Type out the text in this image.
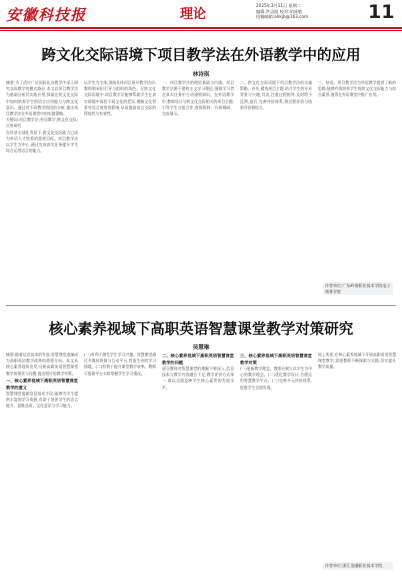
安徽科技报	理论
2025年3月11日 星期二
编辑:洪志挺 校对:胡成敏
投稿邮箱:ahkjb@163.com	11
跨文化交际语境下项目教学法在外语教学中的应用
林诗琪
摘要:为了适应广泛国际化各教学中深入研究交际教学的模式路径,本文以项目教学法为基础分析其实践应用,探索在跨文化交际中如何培养学生的语言应用能力与跨文化意识。通过对不同教学阶段的分析,提出项目教学法在外语课堂中的实施策略。
关键词:项目教学法;外语教学;跨文化交际;应用研究
在经济全球化背景下,跨文化交际能力已成为外语人才培养的重要目标。项目教学法以学生为中心,通过完成真实任务提升学生综合运用语言的能力。
以学生为主体,围绕具体项目展开教学活动,教师则承担引导与组织的角色。在跨文化交际语境中,项目教学法能够帮助学生在真实情境中体验不同文化的差异,理解文化背景对语言使用的影响,从而提高语言交际的得体性与有效性。
一、项目教学法的理论基础与内涵。项目教学法源于建构主义学习理论,强调学习者在真实任务中主动建构知识。在外语教学中,教师设计与跨文化交际相关的项目主题,引导学生分组合作,查阅资料、开展调研、完成展示。
二、跨文化交际语境下项目教学法的实施策略。首先,精选项目主题,结合学生的专业背景与兴趣;其次,注重过程指导,及时给予反馈;最后,完善评价体系,将过程评价与结果评价相结合。
三、结语。项目教学法为外语教学提供了新的思路,能够有效培养学生的跨文化交际能力与综合素养,值得在外语课堂中推广应用。
作者单位:广东岭南职业技术学院电子商务学院
核心素养视域下高职英语智慧课堂教学对策研究
吴慧琳
摘要:随着信息技术的发展,智慧课堂逐渐成为高职英语教学改革的重要方向。本文从核心素养视角出发,分析高职英语智慧课堂教学的现状与问题,提出相应的教学对策。
一、核心素养视域下高职英语智慧课堂教学的意义
智慧课堂借助信息技术手段,能够为学生提供丰富的学习资源,有助于培养学生的语言能力、思维品质、文化意识与学习能力。
(一)有利于激发学生学习兴趣。智慧课堂通过多媒体资源与互动平台,营造生动的学习情境。(二)有利于提升课堂教学效率。教师可借助平台实时掌握学生学习情况。
二、核心素养视域下高职英语智慧课堂教学的问题
部分教师对智慧课堂的理解不够深入,信息技术与教学内容融合不足;教学评价方式单一,难以全面反映学生核心素养的发展水平。
三、核心素养视域下高职英语智慧课堂教学对策
(一)更新教学理念。教师应树立以学生为中心的教学理念。(二)优化教学设计,合理运用智慧教学平台。(三)完善多元评价体系,促进学生全面发展。
综上所述,在核心素养视域下开展高职英语智慧课堂教学,需要教师不断探索与实践,切实提升教学质量。
作者单位:浙江金融职业技术学院
